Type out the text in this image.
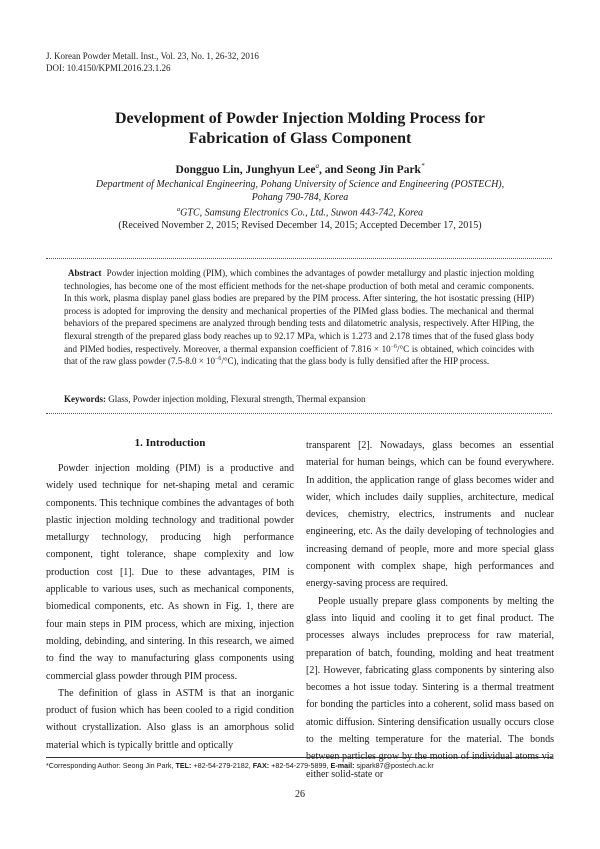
J. Korean Powder Metall. Inst., Vol. 23, No. 1, 26-32, 2016
DOI: 10.4150/KPMI.2016.23.1.26
Development of Powder Injection Molding Process for
Fabrication of Glass Component
Dongguo Lin, Junghyun Lee$^a$, and Seong Jin Park*
Department of Mechanical Engineering, Pohang University of Science and Engineering (POSTECH),
Pohang 790-784, Korea
$^a$GTC, Samsung Electronics Co., Ltd., Suwon 443-742, Korea
(Received November 2, 2015; Revised December 14, 2015; Accepted December 17, 2015)
Abstract Powder injection molding (PIM), which combines the advantages of powder metallurgy and plastic injection molding technologies, has become one of the most efficient methods for the net-shape production of both metal and ceramic components. In this work, plasma display panel glass bodies are prepared by the PIM process. After sintering, the hot isostatic pressing (HIP) process is adopted for improving the density and mechanical properties of the PIMed glass bodies. The mechanical and thermal behaviors of the prepared specimens are analyzed through bending tests and dilatometric analysis, respectively. After HIPing, the flexural strength of the prepared glass body reaches up to 92.17 MPa, which is 1.273 and 2.178 times that of the fused glass body and PIMed bodies, respectively. Moreover, a thermal expansion coefficient of $7.816 \times 10^{-6}/^\circ C$ is obtained, which coincides with that of the raw glass powder $(7.5-8.0 \times 10^{-6}/^\circ C)$, indicating that the glass body is fully densified after the HIP process.
Keywords: Glass, Powder injection molding, Flexural strength, Thermal expansion
1. Introduction

Powder injection molding (PIM) is a productive and widely used technique for net-shaping metal and ceramic components. This technique combines the advantages of both plastic injection molding technology and traditional powder metallurgy technology, producing high performance component, tight tolerance, shape complexity and low production cost [1]. Due to these advantages, PIM is applicable to various uses, such as mechanical components, biomedical components, etc. As shown in Fig. 1, there are four main steps in PIM process, which are mixing, injection molding, debinding, and sintering. In this research, we aimed to find the way to manufacturing glass components using commercial glass powder through PIM process.

The definition of glass in ASTM is that an inorganic product of fusion which has been cooled to a rigid condition without crystallization. Also glass is an amorphous solid material which is typically brittle and optically

transparent [2]. Nowadays, glass becomes an essential material for human beings, which can be found everywhere. In addition, the application range of glass becomes wider and wider, which includes daily supplies, architecture, medical devices, chemistry, electrics, instruments and nuclear engineering, etc. As the daily developing of technologies and increasing demand of people, more and more special glass component with complex shape, high performances and energy-saving process are required.

People usually prepare glass components by melting the glass into liquid and cooling it to get final product. The processes always includes preprocess for raw material, preparation of batch, founding, molding and heat treatment [2]. However, fabricating glass components by sintering also becomes a hot issue today. Sintering is a thermal treatment for bonding the particles into a coherent, solid mass based on atomic diffusion. Sintering densification usually occurs close to the melting temperature for the material. The bonds between particles grow by the motion of individual atoms via either solid-state or

*Corresponding Author: Seong Jin Park, TEL: +82-54-279-2182, FAX: +82-54-279-5899, E-mail: sjpark87@postech.ac.kr
26
